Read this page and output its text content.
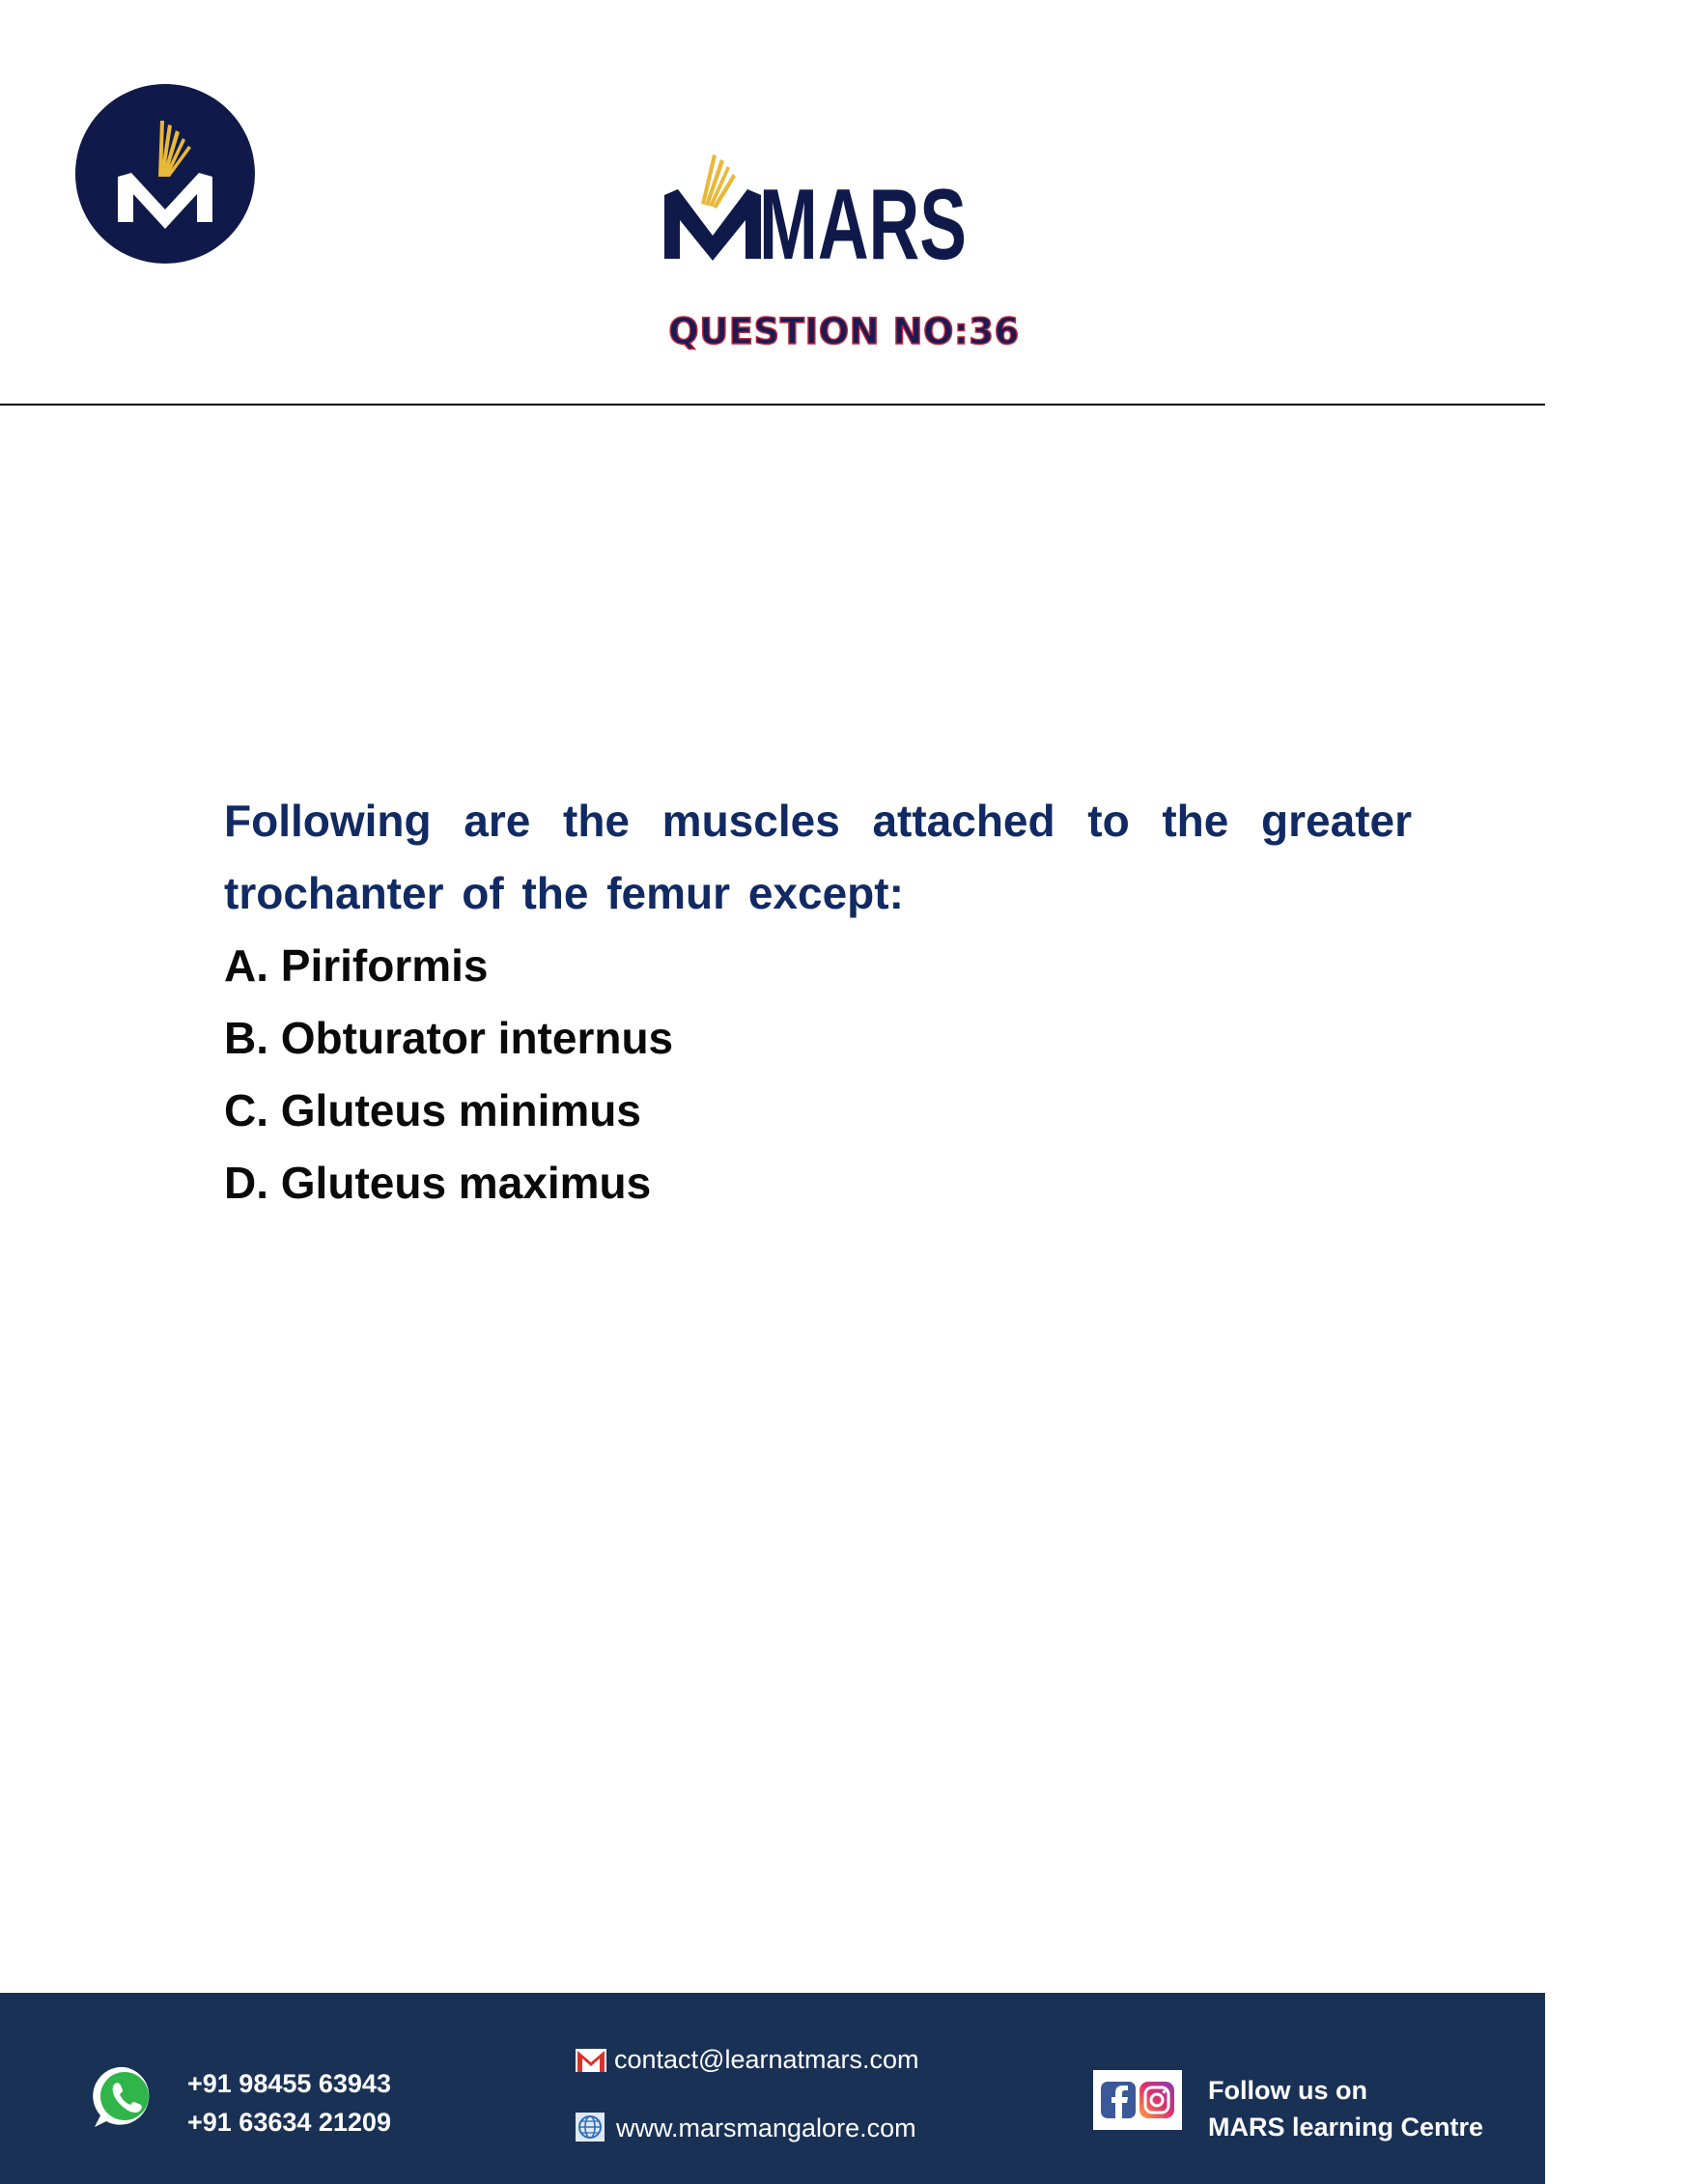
MARS
QUESTION NO:36
Following are the muscles attached to the greater trochanter of the femur except:
A. Piriformis
B. Obturator internus
C. Gluteus minimus
D. Gluteus maximus
+91 98455 63943
+91 63634 21209
contact@learnatmars.com
www.marsmangalore.com
Follow us on
MARS learning Centre
